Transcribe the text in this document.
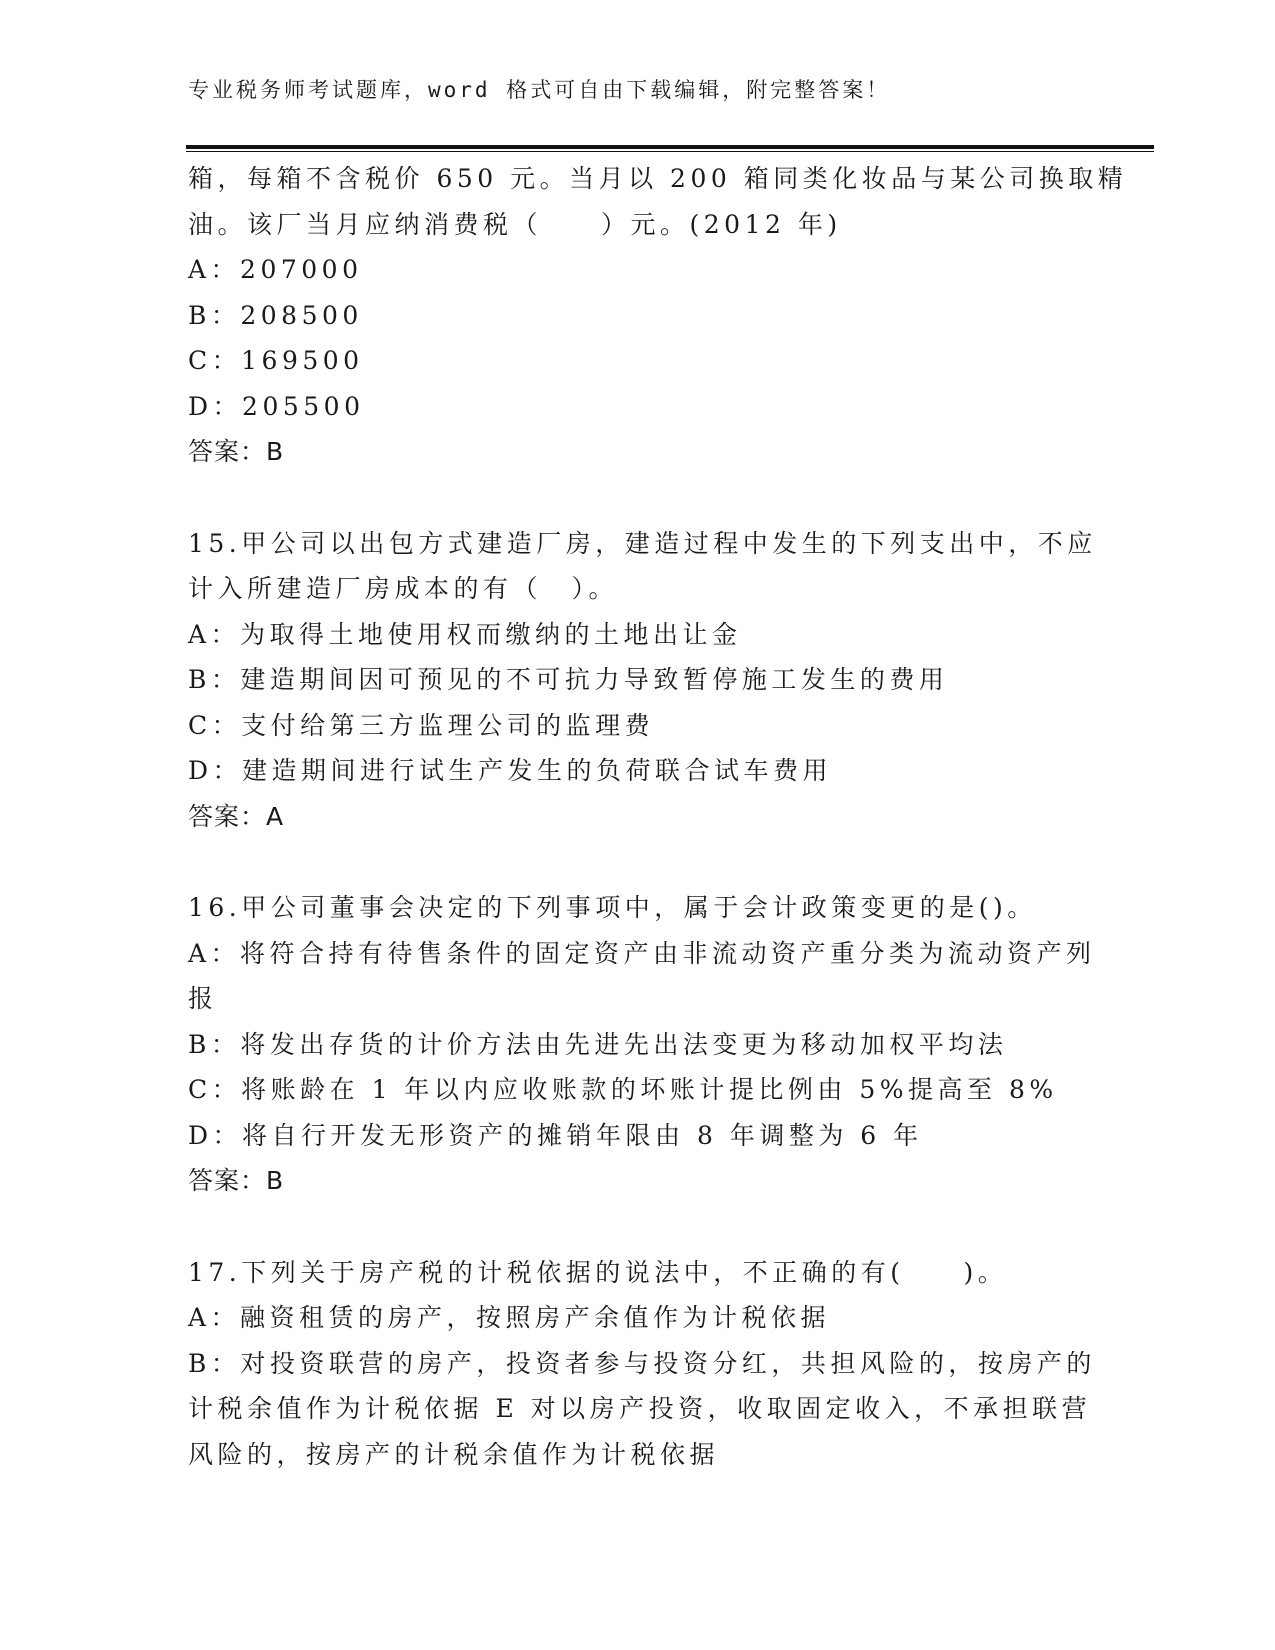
专业税务师考试题库，word 格式可自由下载编辑，附完整答案！
箱，每箱不含税价 650 元。当月以 200 箱同类化妆品与某公司换取精
油。该厂当月应纳消费税（　　）元。(2012 年)
A：207000
B：208500
C：169500
D：205500
答案：B
15.甲公司以出包方式建造厂房，建造过程中发生的下列支出中，不应
计入所建造厂房成本的有（　）。
A：为取得土地使用权而缴纳的土地出让金
B：建造期间因可预见的不可抗力导致暂停施工发生的费用
C：支付给第三方监理公司的监理费
D：建造期间进行试生产发生的负荷联合试车费用
答案：A
16.甲公司董事会决定的下列事项中，属于会计政策变更的是()。
A：将符合持有待售条件的固定资产由非流动资产重分类为流动资产列
报
B：将发出存货的计价方法由先进先出法变更为移动加权平均法
C：将账龄在 1 年以内应收账款的坏账计提比例由 5%提高至 8%
D：将自行开发无形资产的摊销年限由 8 年调整为 6 年
答案：B
17.下列关于房产税的计税依据的说法中，不正确的有(　　)。
A：融资租赁的房产，按照房产余值作为计税依据
B：对投资联营的房产，投资者参与投资分红，共担风险的，按房产的
计税余值作为计税依据 E 对以房产投资，收取固定收入，不承担联营
风险的，按房产的计税余值作为计税依据
